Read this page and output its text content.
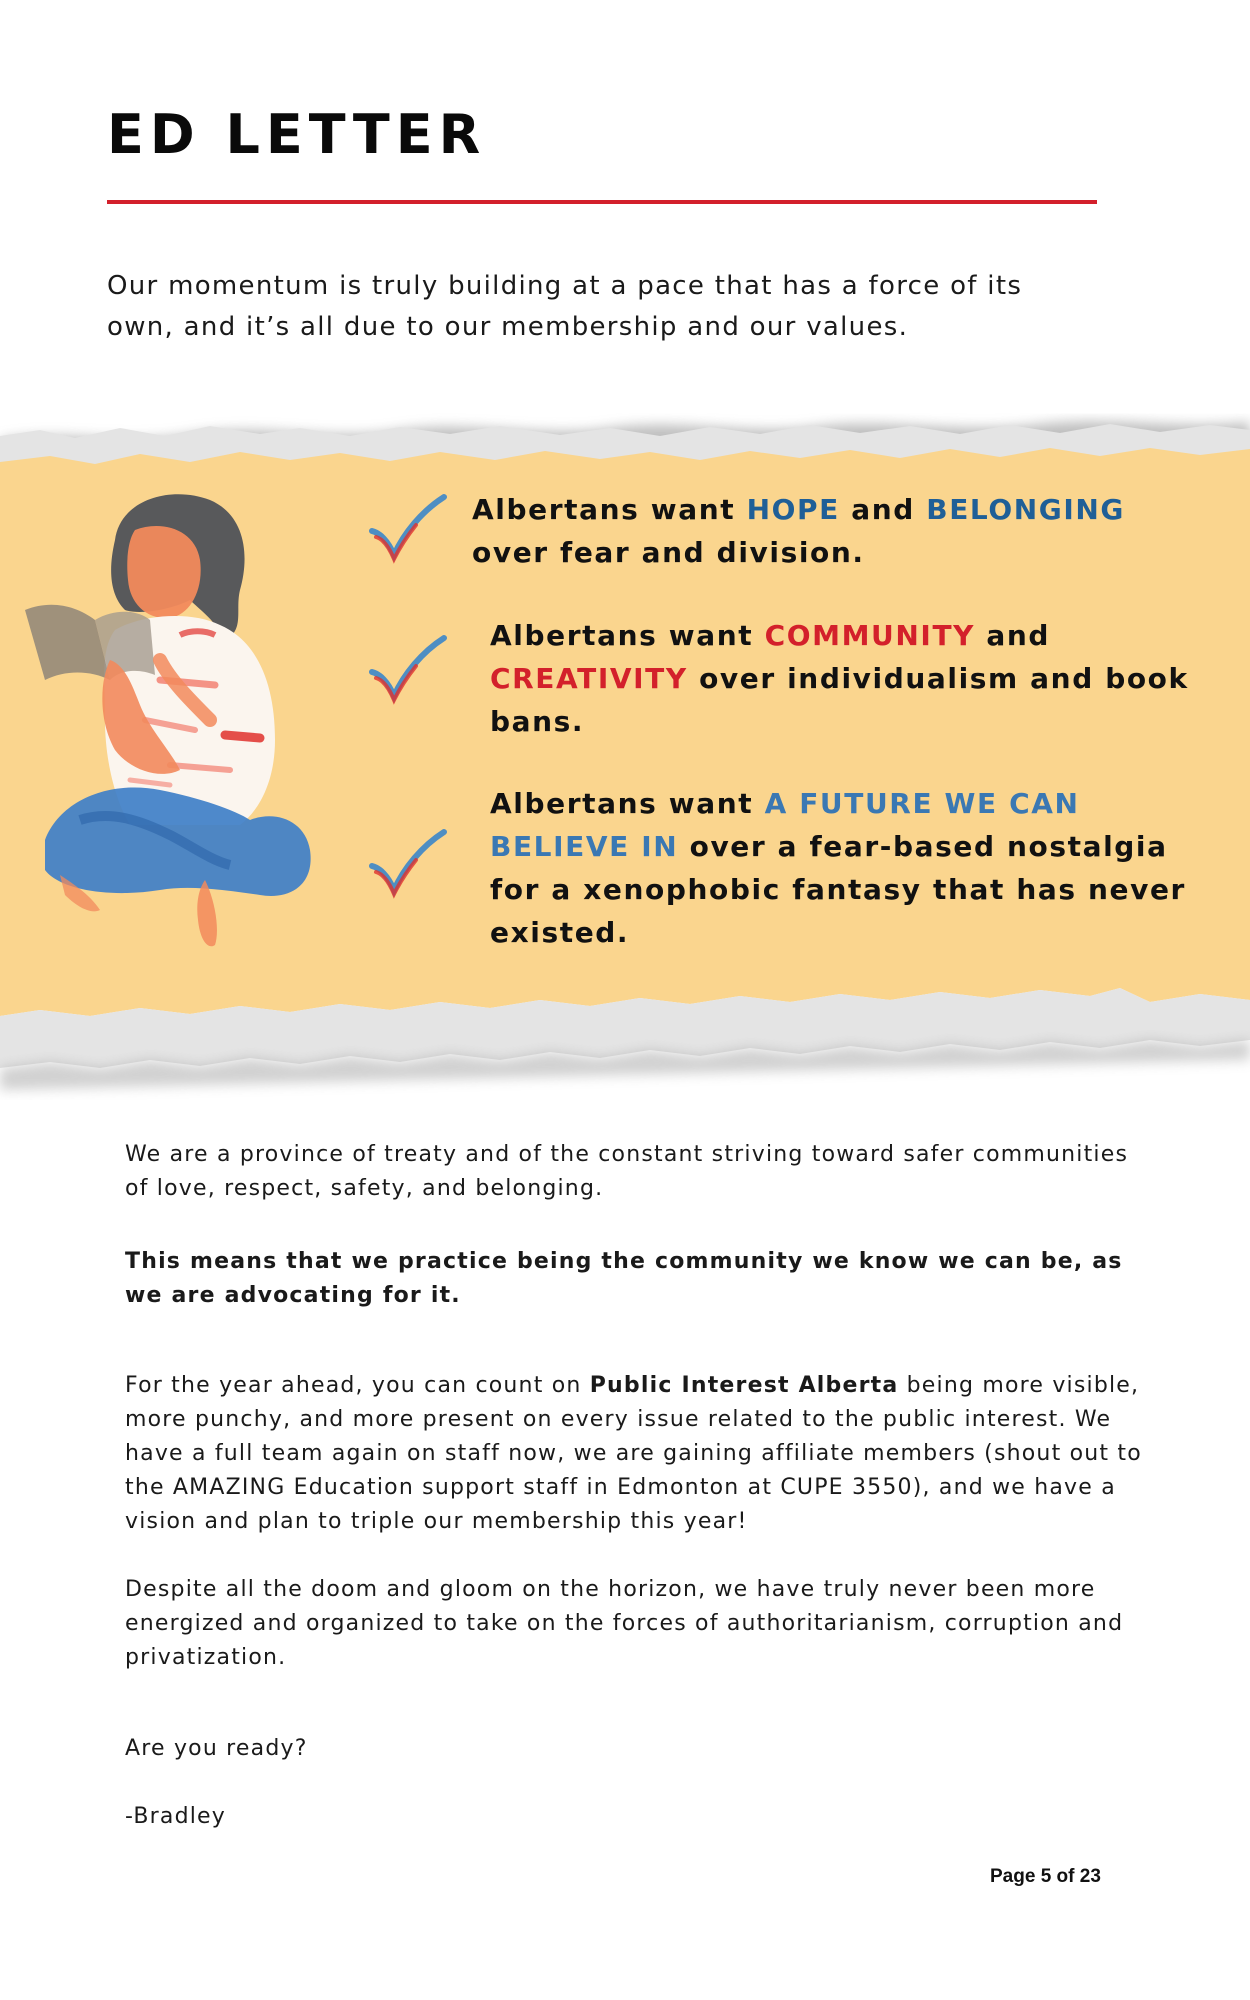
ED LETTER

Our momentum is truly building at a pace that has a force of its own, and it’s all due to our membership and our values.

Albertans want HOPE and BELONGING over fear and division.
Albertans want COMMUNITY and CREATIVITY over individualism and book bans.
Albertans want A FUTURE WE CAN BELIEVE IN over a fear-based nostalgia for a xenophobic fantasy that has never existed.

We are a province of treaty and of the constant striving toward safer communities of love, respect, safety, and belonging.

This means that we practice being the community we know we can be, as we are advocating for it.

For the year ahead, you can count on Public Interest Alberta being more visible, more punchy, and more present on every issue related to the public interest. We have a full team again on staff now, we are gaining affiliate members (shout out to the AMAZING Education support staff in Edmonton at CUPE 3550), and we have a vision and plan to triple our membership this year!

Despite all the doom and gloom on the horizon, we have truly never been more energized and organized to take on the forces of authoritarianism, corruption and privatization.

Are you ready?

-Bradley

Page 5 of 23
